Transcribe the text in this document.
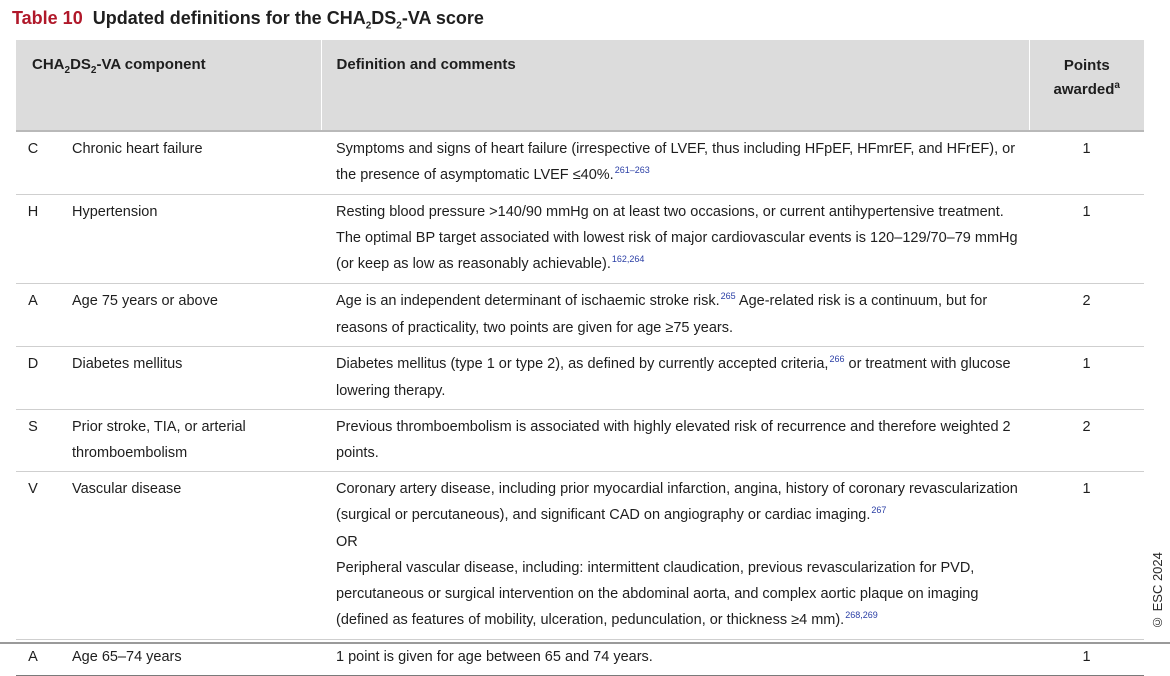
Table 10 Updated definitions for the $CHA_2DS_2-VA$ score
$CHA_2DS_2-VA$ component		Definition and comments	Points
awarded$^a$
C	Chronic heart failure	Symptoms and signs of heart failure (irrespective of LVEF, thus including HFpEF, HFmrEF, and HFrEF), or the presence of asymptomatic LVEF ≤40%.$^{261-263}$	1
H	Hypertension	Resting blood pressure >140/90 mmHg on at least two occasions, or current antihypertensive treatment. The optimal BP target associated with lowest risk of major cardiovascular events is 120–129/70–79 mmHg (or keep as low as reasonably achievable).$^{162,264}$	1
A	Age 75 years or above	Age is an independent determinant of ischaemic stroke risk.$^{265}$ Age-related risk is a continuum, but for reasons of practicality, two points are given for age ≥75 years.	2
D	Diabetes mellitus	Diabetes mellitus (type 1 or type 2), as defined by currently accepted criteria,$^{266}$ or treatment with glucose lowering therapy.	1
S	Prior stroke, TIA, or arterial thromboembolism	Previous thromboembolism is associated with highly elevated risk of recurrence and therefore weighted 2 points.	2
V	Vascular disease	Coronary artery disease, including prior myocardial infarction, angina, history of coronary revascularization (surgical or percutaneous), and significant CAD on angiography or cardiac imaging.$^{267}$
OR
Peripheral vascular disease, including: intermittent claudication, previous revascularization for PVD, percutaneous or surgical intervention on the abdominal aorta, and complex aortic plaque on imaging (defined as features of mobility, ulceration, pedunculation, or thickness ≥4 mm).$^{268,269}$	1
A	Age 65–74 years	1 point is given for age between 65 and 74 years.	1
© ESC 2024
